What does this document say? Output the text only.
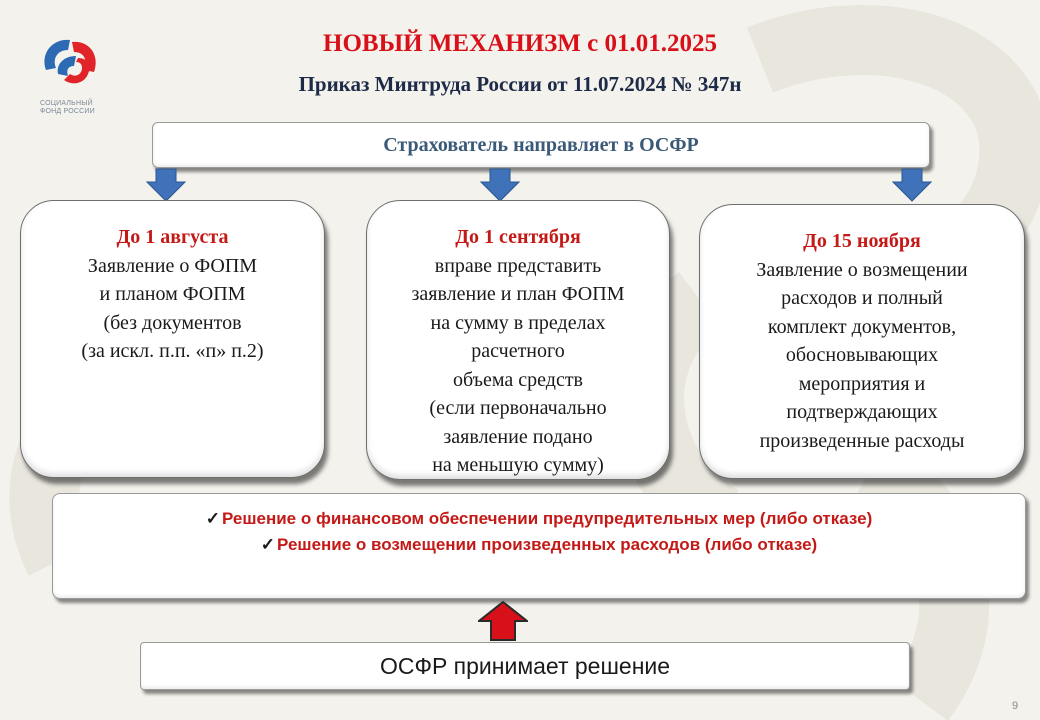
СОЦИАЛЬНЫЙ
ФОНД РОССИИ
НОВЫЙ МЕХАНИЗМ с 01.01.2025
Приказ Минтруда России от 11.07.2024 № 347н
Страхователь направляет в ОСФР
До 1 августа
Заявление о ФОПМ
и планом ФОПМ
(без документов
(за искл. п.п. «п» п.2)
До 1 сентября
вправе представить
заявление и план ФОПМ
на сумму в пределах
расчетного
объема средств
(если первоначально
заявление подано
на меньшую сумму)
До 15 ноября
Заявление о возмещении
расходов и полный
комплект документов,
обосновывающих
мероприятия и
подтверждающих
произведенные расходы
✓ Решение о финансовом обеспечении предупредительных мер (либо отказе)
✓ Решение о возмещении произведенных расходов (либо отказе)
ОСФР принимает решение
9
